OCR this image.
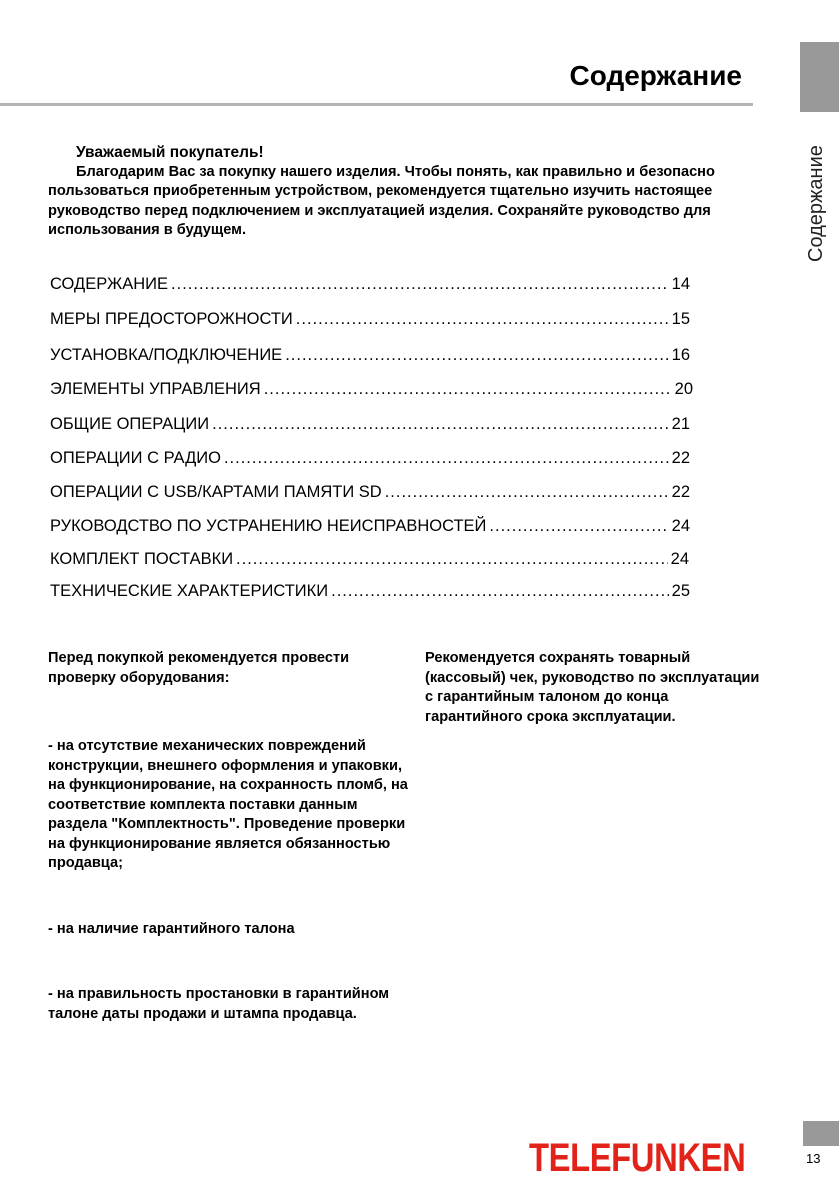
Содержание
Содержание
Уважаемый покупатель!

Благодарим Вас за покупку нашего изделия. Чтобы понять, как правильно и безопасно пользоваться приобретенным устройством, рекомендуется тщательно изучить настоящее руководство перед подключением и эксплуатацией изделия. Сохраняйте руководство для использования в будущем.

СОДЕРЖАНИЕ .....	14
МЕРЫ ПРЕДОСТОРОЖНОСТИ .....	15
УСТАНОВКА/ПОДКЛЮЧЕНИЕ .....	16
ЭЛЕМЕНТЫ УПРАВЛЕНИЯ .....	20
ОБЩИЕ ОПЕРАЦИИ .....	21
ОПЕРАЦИИ С РАДИО .....	22
ОПЕРАЦИИ С USB/КАРТАМИ ПАМЯТИ SD .....	22
РУКОВОДСТВО ПО УСТРАНЕНИЮ НЕИСПРАВНОСТЕЙ .....	24
КОМПЛЕКТ ПОСТАВКИ .....	24
ТЕХНИЧЕСКИЕ ХАРАКТЕРИСТИКИ .....	25

Перед покупкой рекомендуется провести проверку оборудования:

- на отсутствие механических повреждений конструкции, внешнего оформления и упаковки, на функционирование, на сохранность пломб, на соответствие комплекта поставки данным раздела "Комплектность". Проведение проверки на функционирование является обязанностью продавца;

- на наличие гарантийного талона

- на правильность простановки в гарантийном талоне даты продажи и штампа продавца.

Рекомендуется сохранять товарный (кассовый) чек, руководство по эксплуатации с гарантийным талоном до конца гарантийного срока эксплуатации.

TELEFUNKEN	13
